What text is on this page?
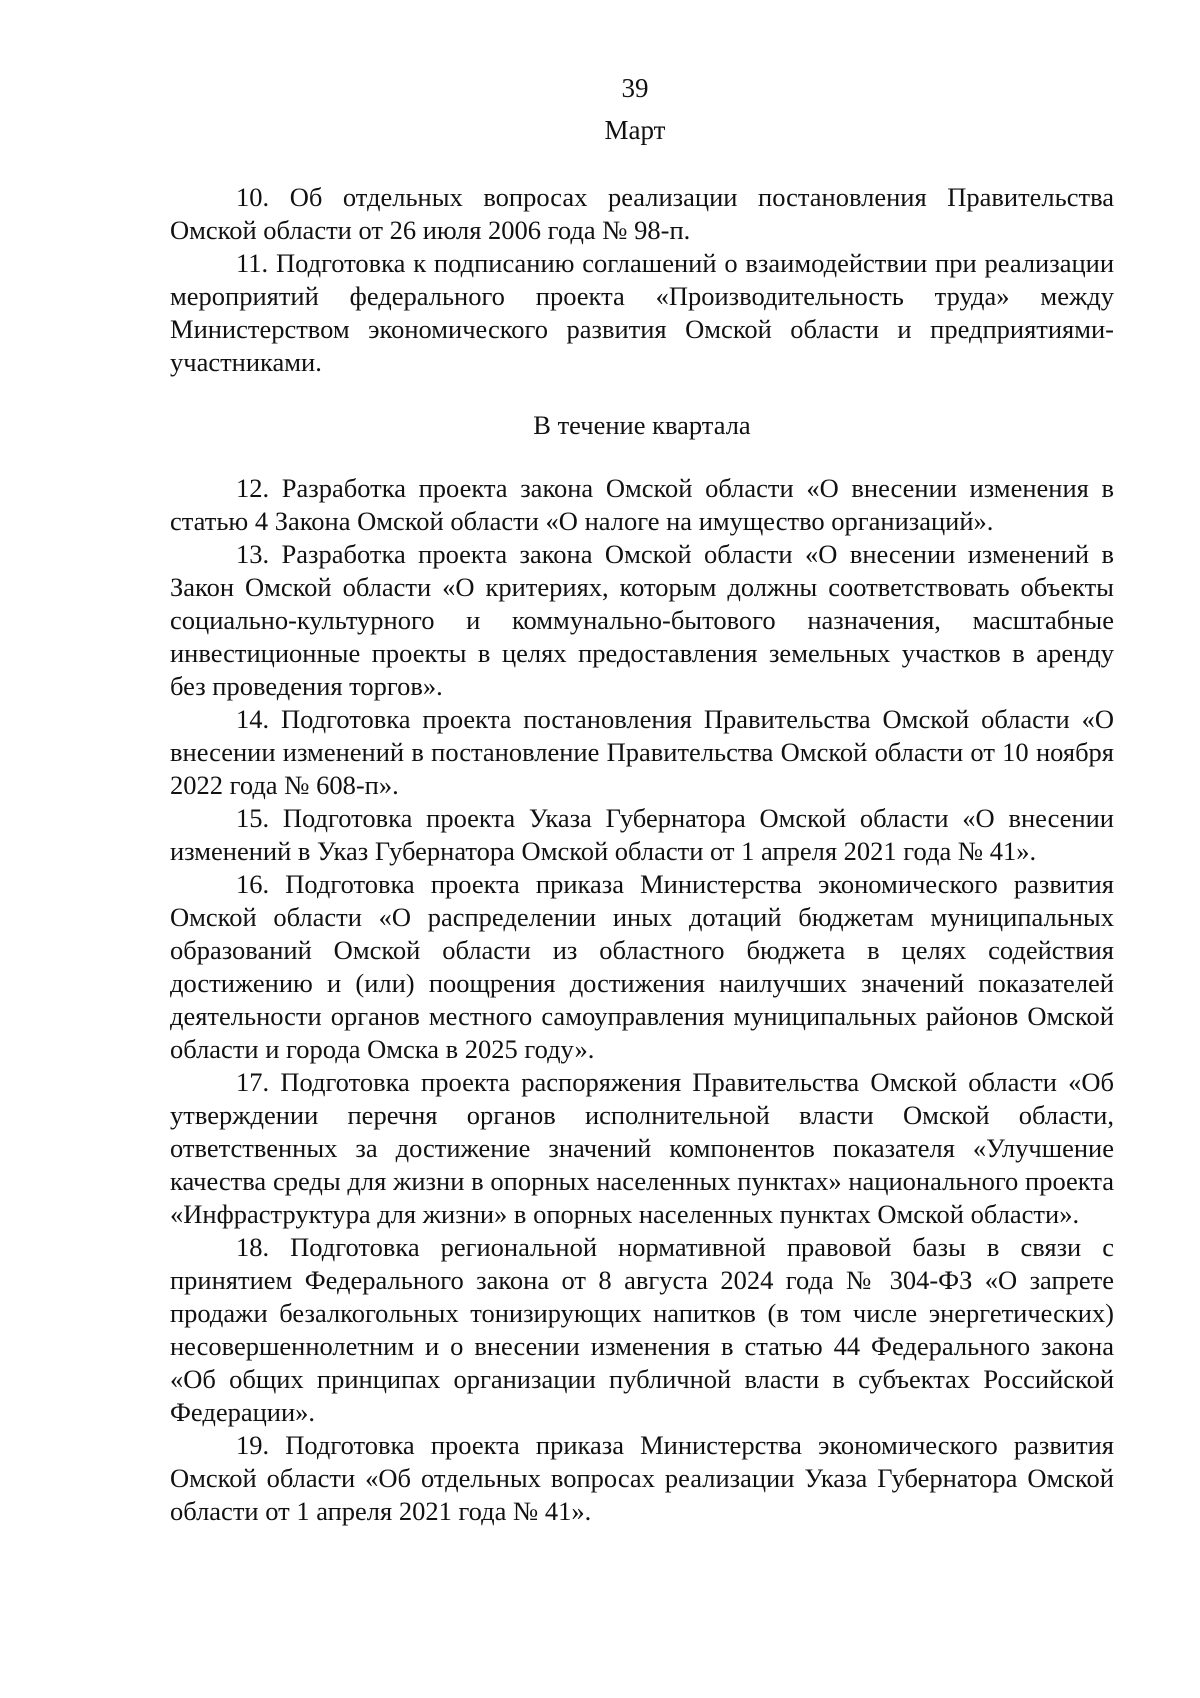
39
Март

10. Об отдельных вопросах реализации постановления Правительства Омской области от 26 июля 2006 года № 98-п.

11. Подготовка к подписанию соглашений о взаимодействии при реализации мероприятий федерального проекта «Производительность труда» между Министерством экономического развития Омской области и предприятиями-участниками.

В течение квартала

12. Разработка проекта закона Омской области «О внесении изменения в статью 4 Закона Омской области «О налоге на имущество организаций».

13. Разработка проекта закона Омской области «О внесении изменений в Закон Омской области «О критериях, которым должны соответствовать объекты социально-культурного и коммунально-бытового назначения, масштабные инвестиционные проекты в целях предоставления земельных участков в аренду без проведения торгов».

14. Подготовка проекта постановления Правительства Омской области «О внесении изменений в постановление Правительства Омской области от 10 ноября 2022 года № 608-п».

15. Подготовка проекта Указа Губернатора Омской области «О внесении изменений в Указ Губернатора Омской области от 1 апреля 2021 года № 41».

16. Подготовка проекта приказа Министерства экономического развития Омской области «О распределении иных дотаций бюджетам муниципальных образований Омской области из областного бюджета в целях содействия достижению и (или) поощрения достижения наилучших значений показателей деятельности органов местного самоуправления муниципальных районов Омской области и города Омска в 2025 году».

17. Подготовка проекта распоряжения Правительства Омской области «Об утверждении перечня органов исполнительной власти Омской области, ответственных за достижение значений компонентов показателя «Улучшение качества среды для жизни в опорных населенных пунктах» национального проекта «Инфраструктура для жизни» в опорных населенных пунктах Омской области».

18. Подготовка региональной нормативной правовой базы в связи с принятием Федерального закона от 8 августа 2024 года № 304-ФЗ «О запрете продажи безалкогольных тонизирующих напитков (в том числе энергетических) несовершеннолетним и о внесении изменения в статью 44 Федерального закона «Об общих принципах организации публичной власти в субъектах Российской Федерации».

19. Подготовка проекта приказа Министерства экономического развития Омской области «Об отдельных вопросах реализации Указа Губернатора Омской области от 1 апреля 2021 года № 41».
